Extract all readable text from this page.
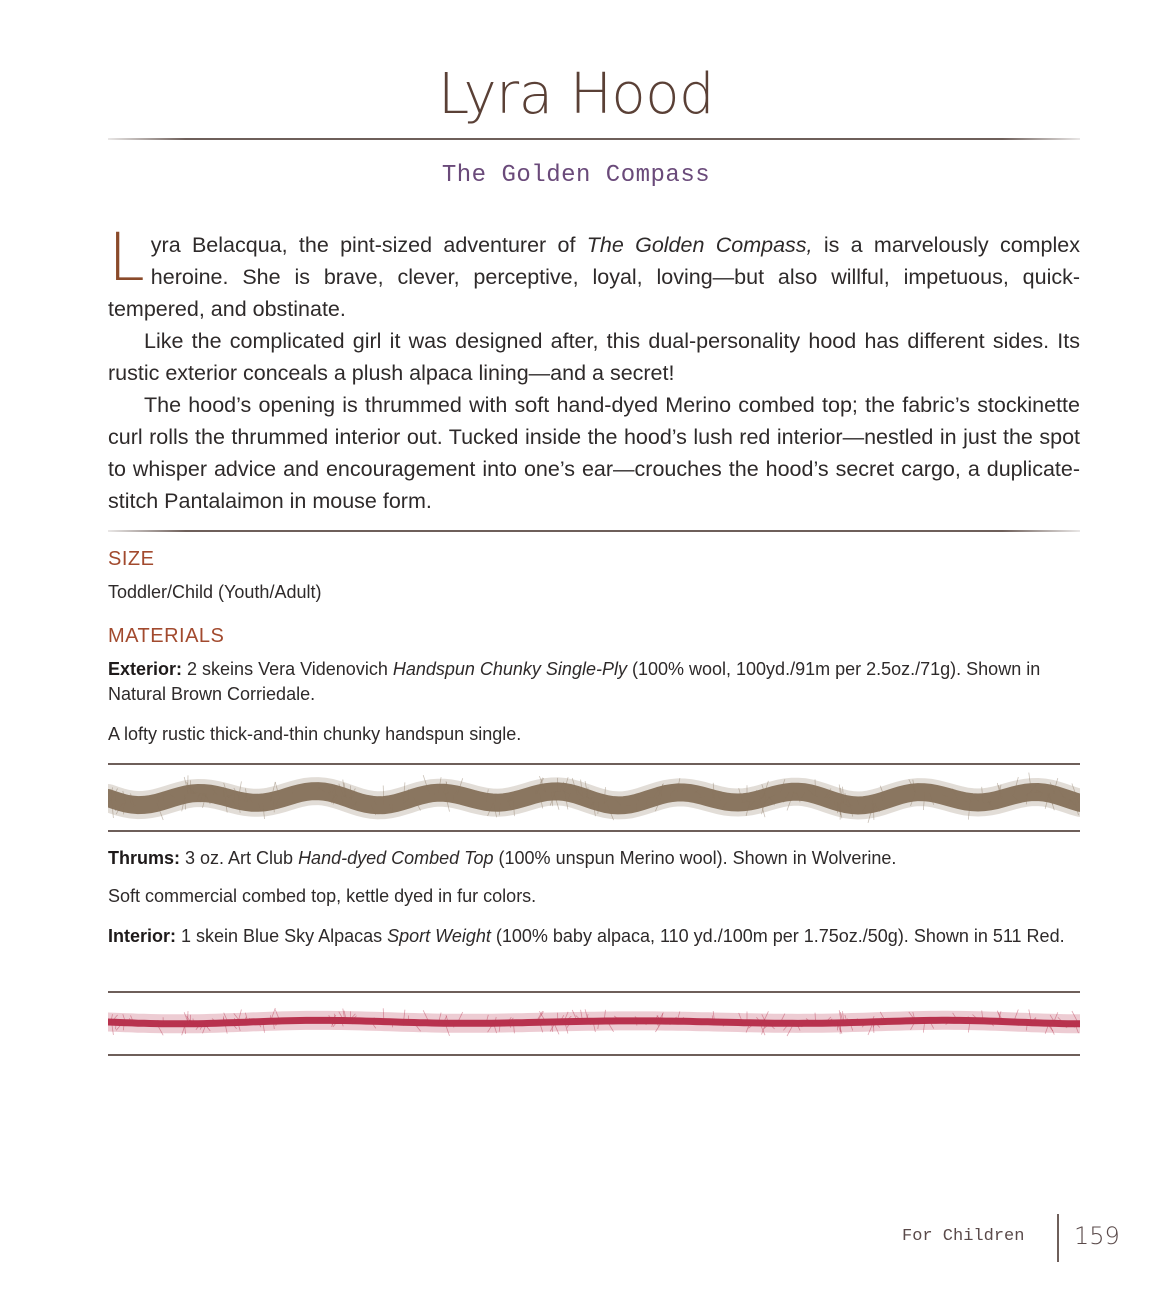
Lyra Hood
The Golden Compass

Lyra Belacqua, the pint-sized adventurer of The Golden Compass, is a marvelously complex heroine. She is brave, clever, perceptive, loyal, loving—but also willful, impetuous, quick-tempered, and obstinate.

Like the complicated girl it was designed after, this dual-personality hood has different sides. Its rustic exterior conceals a plush alpaca lining—and a secret!

The hood’s opening is thrummed with soft hand-dyed Merino combed top; the fabric’s stockinette curl rolls the thrummed interior out. Tucked inside the hood’s lush red interior—nestled in just the spot to whisper advice and encouragement into one’s ear—crouches the hood’s secret cargo, a duplicate-stitch Pantalaimon in mouse form.

SIZE
Toddler/Child (Youth/Adult)
MATERIALS
Exterior: 2 skeins Vera Videnovich Handspun Chunky Single-Ply (100% wool, 100yd./91m per 2.5oz./71g). Shown in Natural Brown Corriedale.
A lofty rustic thick-and-thin chunky handspun single.
Thrums: 3 oz. Art Club Hand-dyed Combed Top (100% unspun Merino wool). Shown in Wolverine.
Soft commercial combed top, kettle dyed in fur colors.
Interior: 1 skein Blue Sky Alpacas Sport Weight (100% baby alpaca, 110 yd./100m per 1.75oz./50g). Shown in 511 Red.
For Children 159
